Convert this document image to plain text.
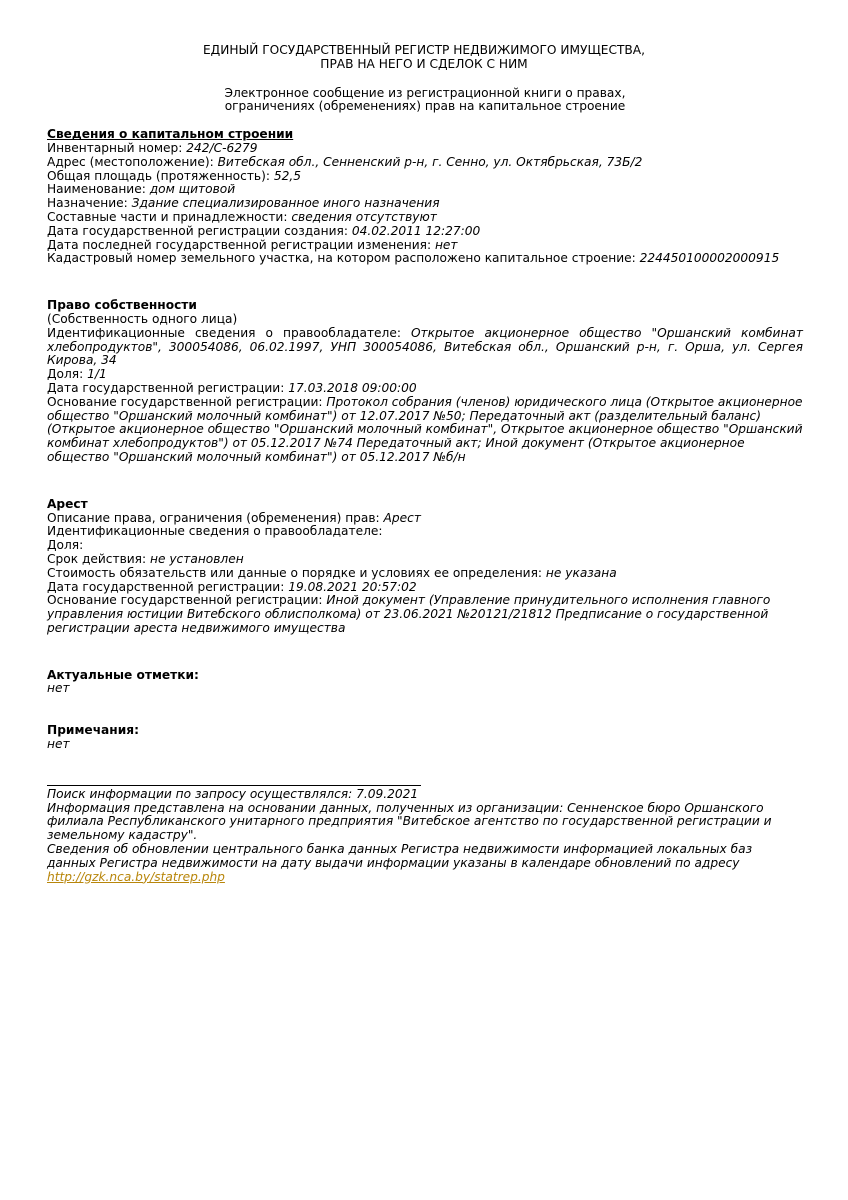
ЕДИНЫЙ ГОСУДАРСТВЕННЫЙ РЕГИСТР НЕДВИЖИМОГО ИМУЩЕСТВА,
ПРАВ НА НЕГО И СДЕЛОК С НИМ
Электронное сообщение из регистрационной книги о правах,
ограничениях (обременениях) прав на капитальное строение
Сведения о капитальном строении
Инвентарный номер: 242/C-6279
Адрес (местоположение): Витебская обл., Сенненский р-н, г. Сенно, ул. Октябрьская, 73Б/2
Общая площадь (протяженность): 52,5
Наименование: дом щитовой
Назначение: Здание специализированное иного назначения
Составные части и принадлежности: сведения отсутствуют
Дата государственной регистрации создания: 04.02.2011 12:27:00
Дата последней государственной регистрации изменения: нет
Кадастровый номер земельного участка, на котором расположено капитальное строение: 224450100002000915
Право собственности
(Собственность одного лица)
Идентификационные сведения о правообладателе: Открытое акционерное общество "Оршанский комбинат хлебопродуктов", 300054086, 06.02.1997, УНП 300054086, Витебская обл., Оршанский р-н, г. Орша, ул. Сергея Кирова, 34
Доля: 1/1
Дата государственной регистрации: 17.03.2018 09:00:00
Основание государственной регистрации: Протокол собрания (членов) юридического лица (Открытое акционерное общество "Оршанский молочный комбинат") от 12.07.2017 №50; Передаточный акт (разделительный баланс) (Открытое акционерное общество "Оршанский молочный комбинат", Открытое акционерное общество "Оршанский комбинат хлебопродуктов") от 05.12.2017 №74 Передаточный акт; Иной документ (Открытое акционерное общество "Оршанский молочный комбинат") от 05.12.2017 №б/н
Арест
Описание права, ограничения (обременения) прав: Арест
Идентификационные сведения о правообладателе:
Доля:
Срок действия: не установлен
Стоимость обязательств или данные о порядке и условиях ее определения: не указана
Дата государственной регистрации: 19.08.2021 20:57:02
Основание государственной регистрации: Иной документ (Управление принудительного исполнения главного управления юстиции Витебского облисполкома) от 23.06.2021 №20121/21812 Предписание о государственной регистрации ареста недвижимого имущества
Актуальные отметки:
нет
Примечания:
нет
Поиск информации по запросу осуществлялся: 7.09.2021
Информация представлена на основании данных, полученных из организации: Сенненское бюро Оршанского филиала Республиканского унитарного предприятия "Витебское агентство по государственной регистрации и земельному кадастру".
Сведения об обновлении центрального банка данных Регистра недвижимости информацией локальных баз данных Регистра недвижимости на дату выдачи информации указаны в календаре обновлений по адресу
http://gzk.nca.by/statrep.php
